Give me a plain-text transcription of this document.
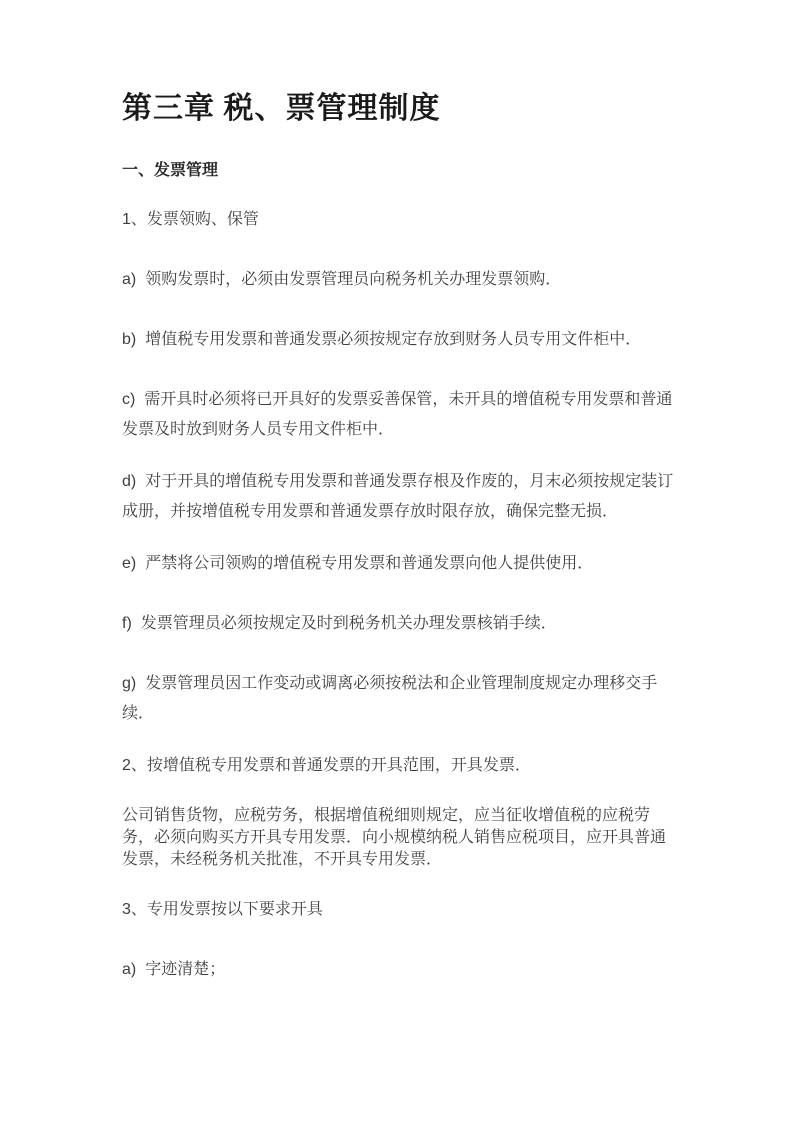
第三章 税、票管理制度
一、发票管理

1、发票领购、保管

a) 领购发票时，必须由发票管理员向税务机关办理发票领购．

b) 增值税专用发票和普通发票必须按规定存放到财务人员专用文件柜中．

c) 需开具时必须将已开具好的发票妥善保管，未开具的增值税专用发票和普通发票及时放到财务人员专用文件柜中．

d) 对于开具的增值税专用发票和普通发票存根及作废的，月末必须按规定装订成册，并按增值税专用发票和普通发票存放时限存放，确保完整无损．

e) 严禁将公司领购的增值税专用发票和普通发票向他人提供使用．

f) 发票管理员必须按规定及时到税务机关办理发票核销手续．

g) 发票管理员因工作变动或调离必须按税法和企业管理制度规定办理移交手续．

2、按增值税专用发票和普通发票的开具范围，开具发票．

公司销售货物，应税劳务，根据增值税细则规定，应当征收增值税的应税劳务，必须向购买方开具专用发票．向小规模纳税人销售应税项目，应开具普通发票，未经税务机关批准，不开具专用发票．

3、专用发票按以下要求开具

a) 字迹清楚；
